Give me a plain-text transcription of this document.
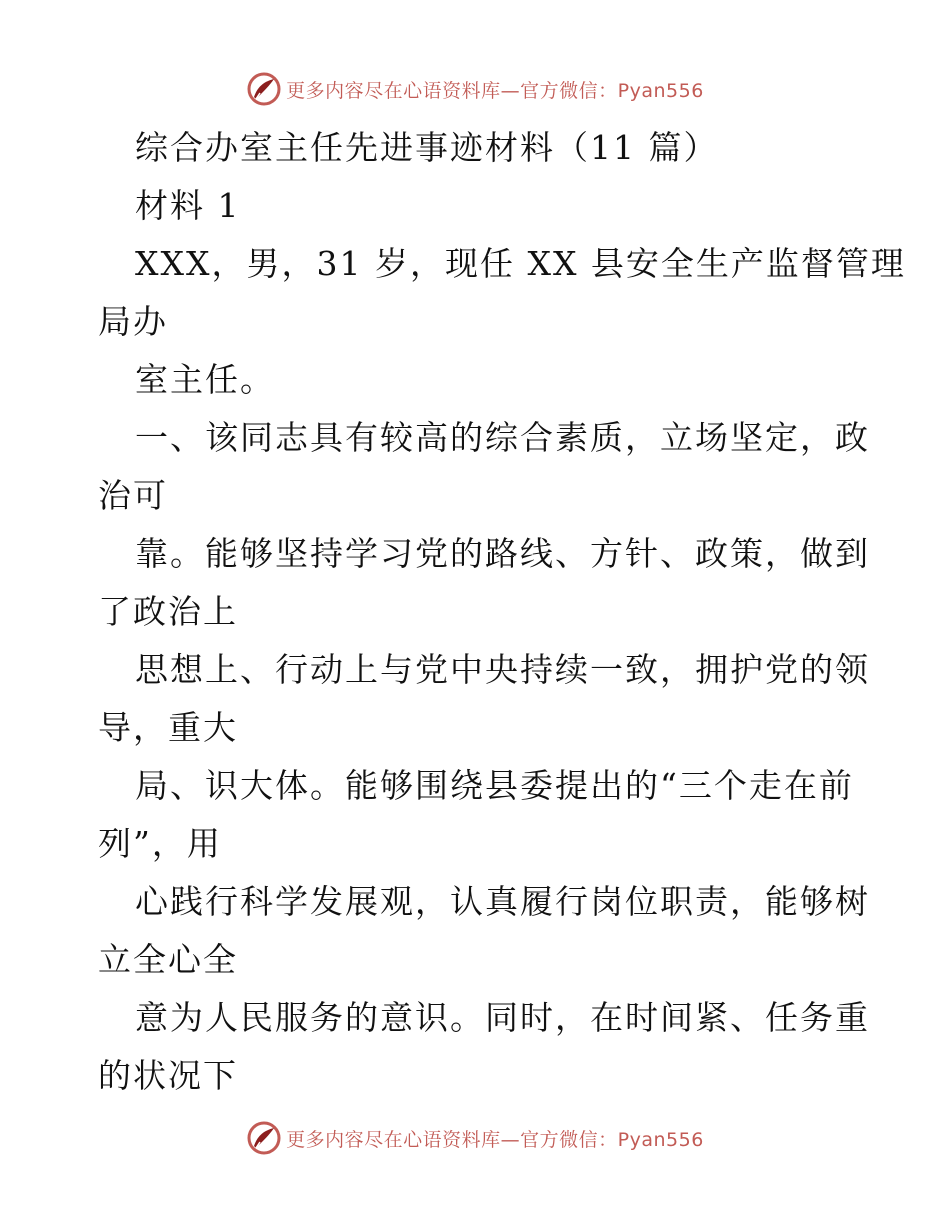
更多内容尽在心语资料库—官方微信：Pyan556
综合办室主任先进事迹材料（11 篇）
材料 1
XXX，男，31 岁，现任 XX 县安全生产监督管理
局办
室主任。
一、该同志具有较高的综合素质，立场坚定，政
治可
靠。能够坚持学习党的路线、方针、政策，做到
了政治上
思想上、行动上与党中央持续一致，拥护党的领
导，重大
局、识大体。能够围绕县委提出的“三个走在前
列”，用
心践行科学发展观，认真履行岗位职责，能够树
立全心全
意为人民服务的意识。同时，在时间紧、任务重
的状况下
更多内容尽在心语资料库—官方微信：Pyan556
